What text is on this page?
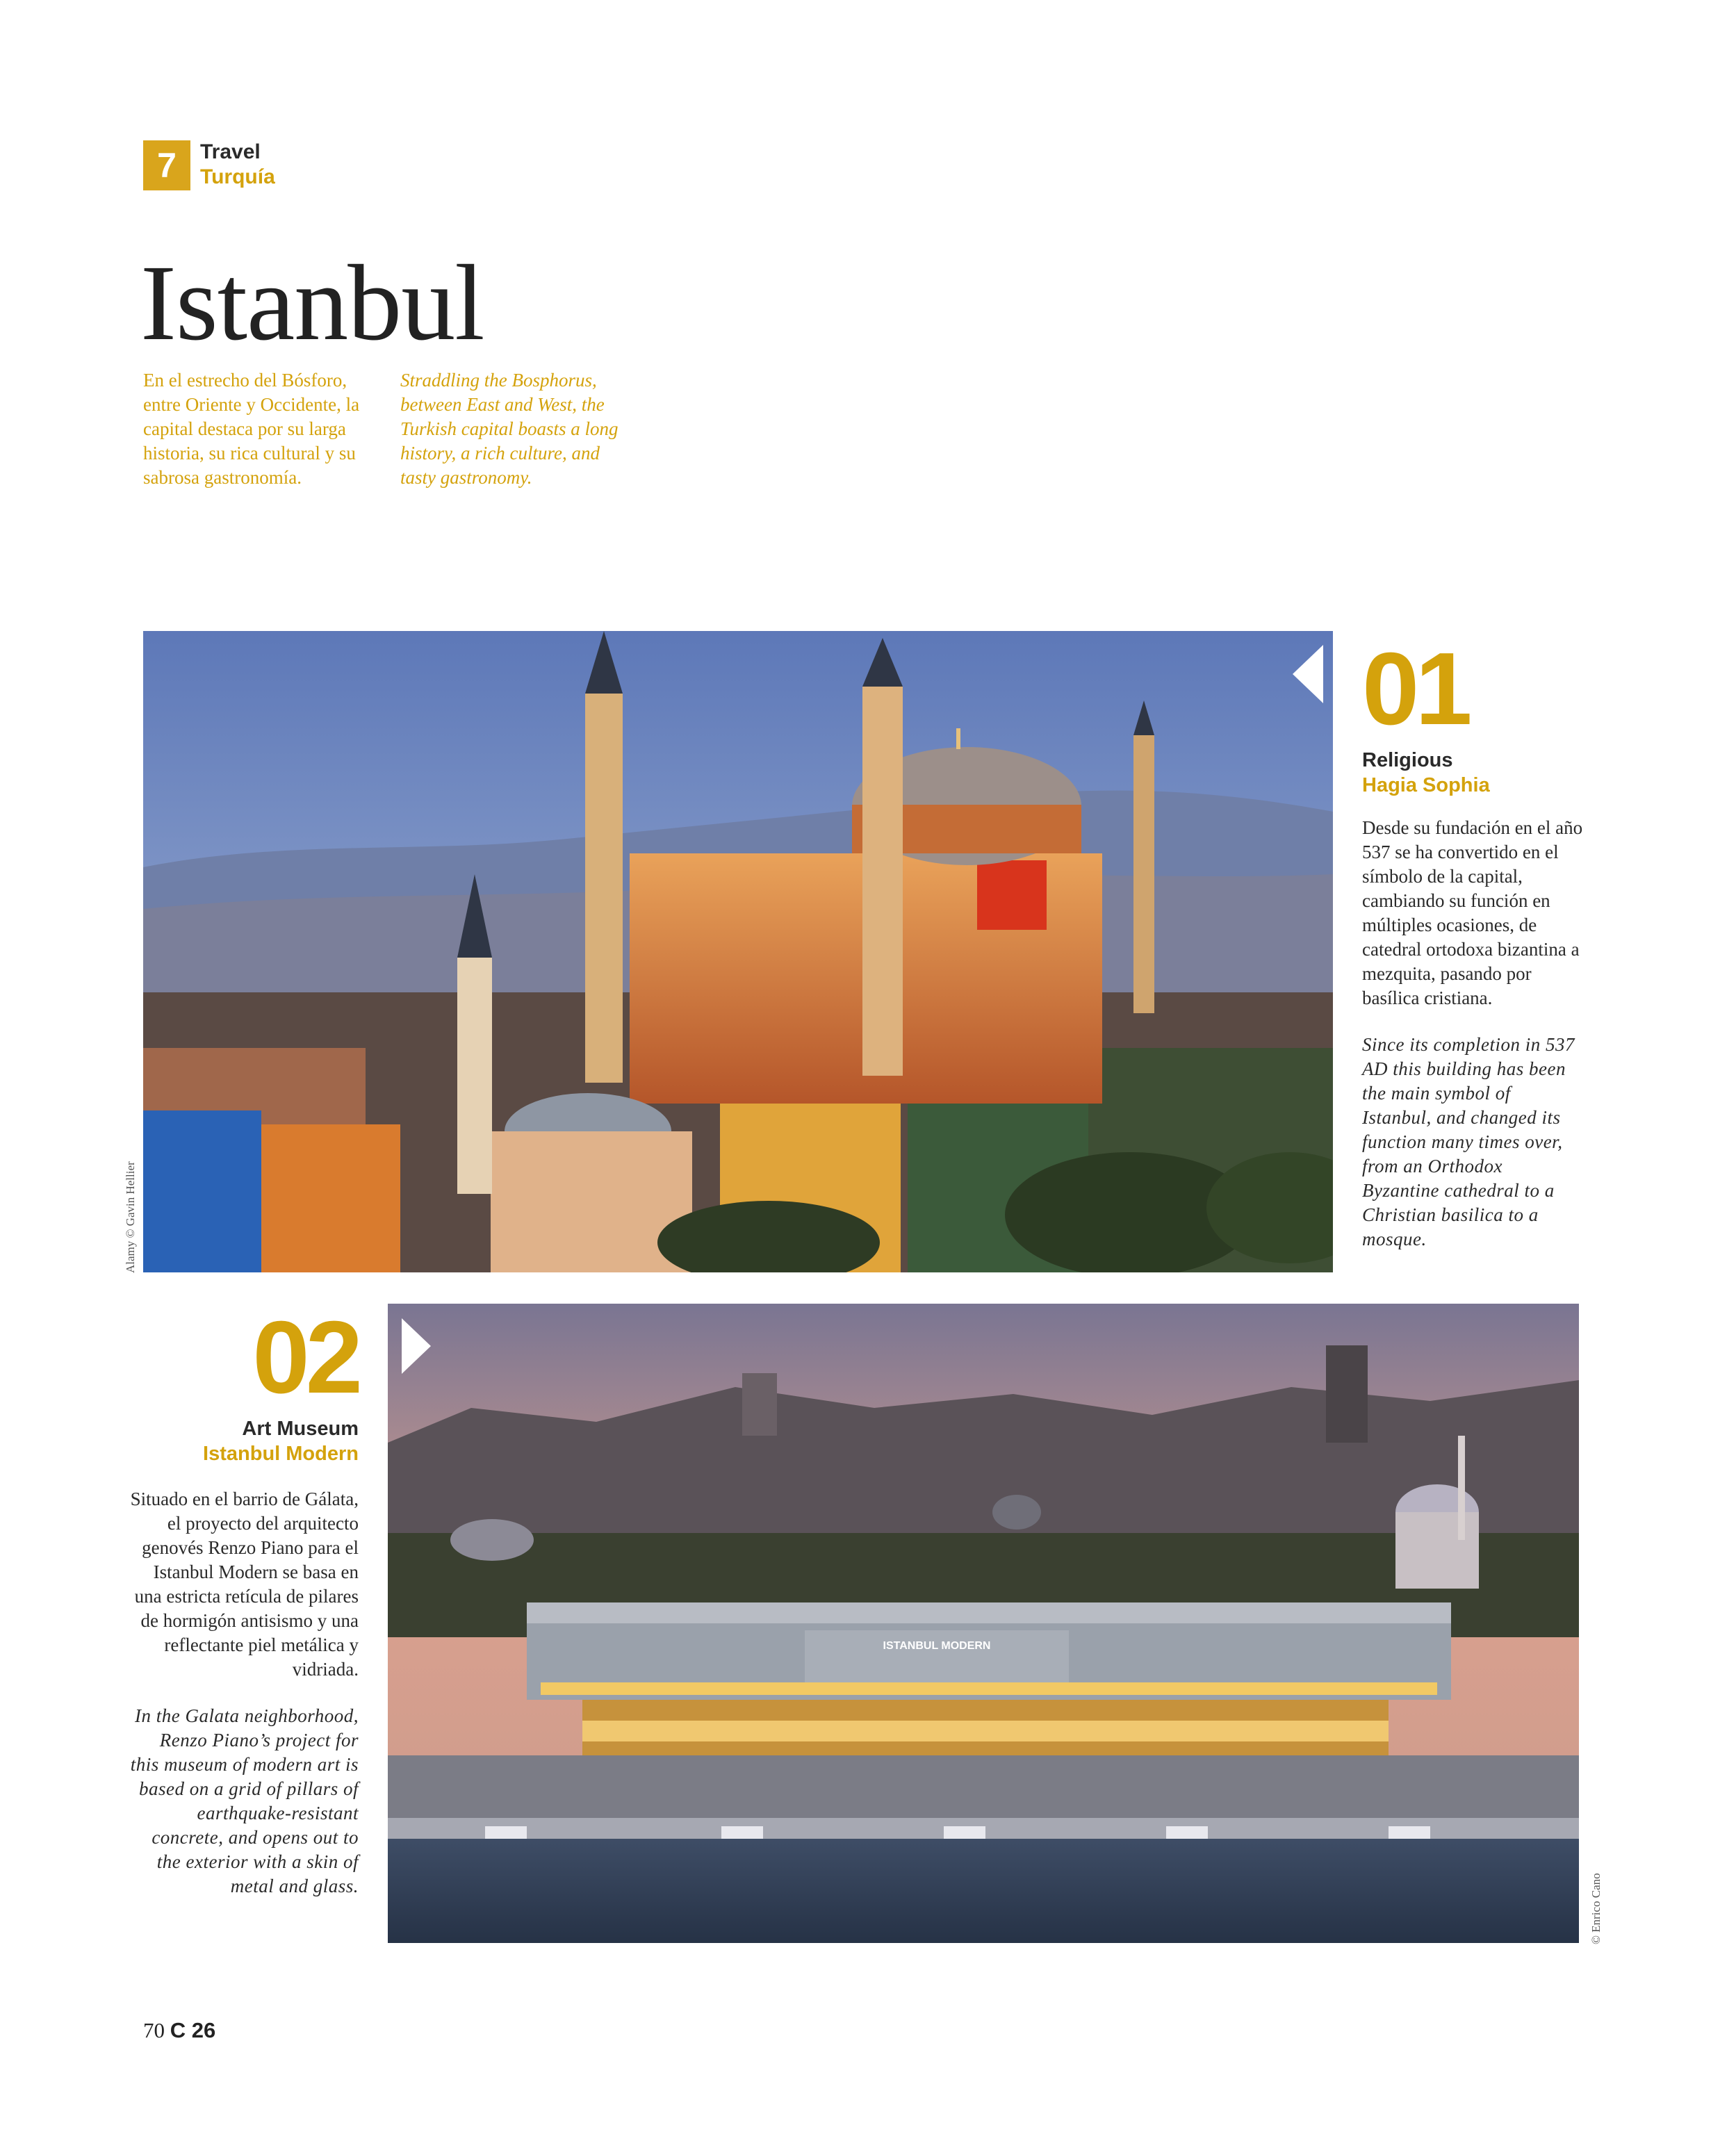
7	Travel
Turquía
Istanbul

En el estrecho del Bósforo, entre Oriente y Occidente, la capital destaca por su larga historia, su rica cultural y su sabrosa gastronomía.

Straddling the Bosphorus, between East and West, the Turkish capital boasts a long history, a rich culture, and tasty gastronomy.

Alamy © Gavin Hellier
01
Religious
Hagia Sophia

Desde su fundación en el año 537 se ha convertido en el símbolo de la capital, cambiando su función en múltiples ocasiones, de catedral ortodoxa bizantina a mezquita, pasando por basílica cristiana.

Since its completion in 537 AD this building has been the main symbol of Istanbul, and changed its function many times over, from an Orthodox Byzantine cathedral to a Christian basilica to a mosque.

02
Art Museum
Istanbul Modern

Situado en el barrio de Gálata, el proyecto del arquitecto genovés Renzo Piano para el Istanbul Modern se basa en una estricta retícula de pilares de hormigón antisismo y una reflectante piel metálica y vidriada.

In the Galata neighborhood, Renzo Piano’s project for this museum of modern art is based on a grid of pillars of earthquake-resistant concrete, and opens out to the exterior with a skin of metal and glass.

ISTANBUL MODERN
© Enrico Cano
70 C 26
